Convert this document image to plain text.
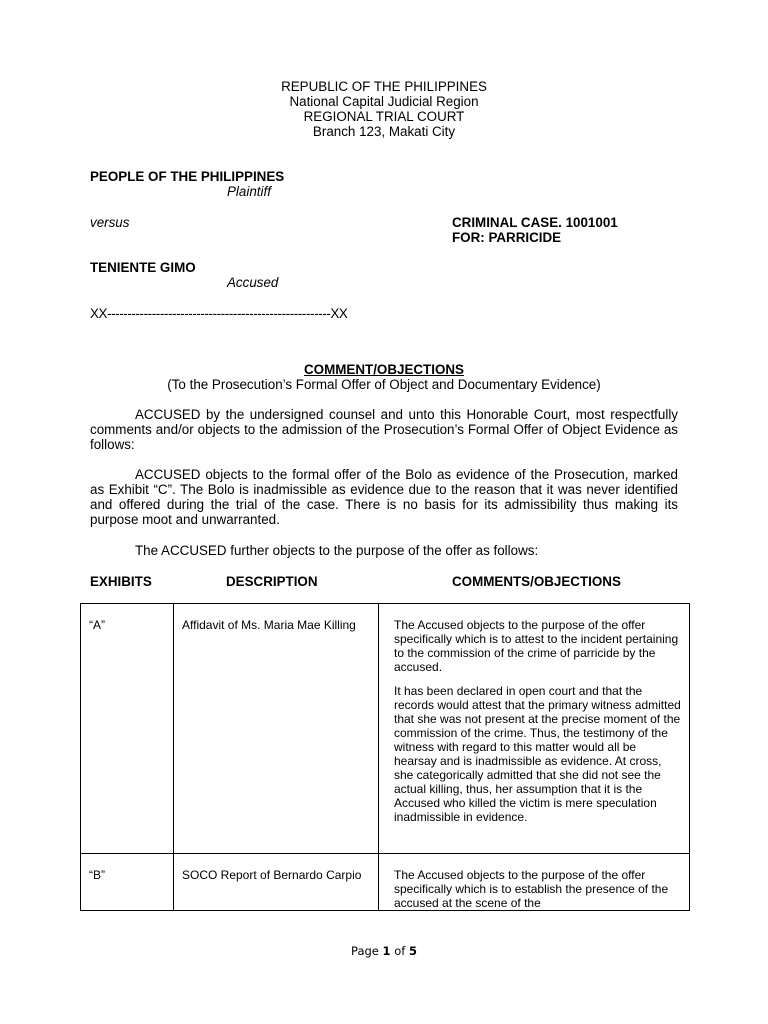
REPUBLIC OF THE PHILIPPINES
National Capital Judicial Region
REGIONAL TRIAL COURT
Branch 123, Makati City
PEOPLE OF THE PHILIPPINES
Plaintiff
versus	CRIMINAL CASE. 1001001
FOR: PARRICIDE
TENIENTE GIMO
Accused
XX-------------------------------------------------------XX
COMMENT/OBJECTIONS
(To the Prosecution’s Formal Offer of Object and Documentary Evidence)
ACCUSED by the undersigned counsel and unto this Honorable Court, most respectfully comments and/or objects to the admission of the Prosecution’s Formal Offer of Object Evidence as follows:
ACCUSED objects to the formal offer of the Bolo as evidence of the Prosecution, marked as Exhibit “C”. The Bolo is inadmissible as evidence due to the reason that it was never identified and offered during the trial of the case. There is no basis for its admissibility thus making its purpose moot and unwarranted.
The ACCUSED further objects to the purpose of the offer as follows:
EXHIBITS	DESCRIPTION	COMMENTS/OBJECTIONS
“A”	Affidavit of Ms. Maria Mae Killing	The Accused objects to the purpose of the offer specifically which is to attest to the incident pertaining to the commission of the crime of parricide by the accused.

It has been declared in open court and that the records would attest that the primary witness admitted that she was not present at the precise moment of the commission of the crime. Thus, the testimony of the witness with regard to this matter would all be hearsay and is inadmissible as evidence. At cross, she categorically admitted that she did not see the actual killing, thus, her assumption that it is the Accused who killed the victim is mere speculation inadmissible in evidence.

“B”	SOCO Report of Bernardo Carpio	The Accused objects to the purpose of the offer specifically which is to establish the presence of the accused at the scene of the

Page 1 of 5
